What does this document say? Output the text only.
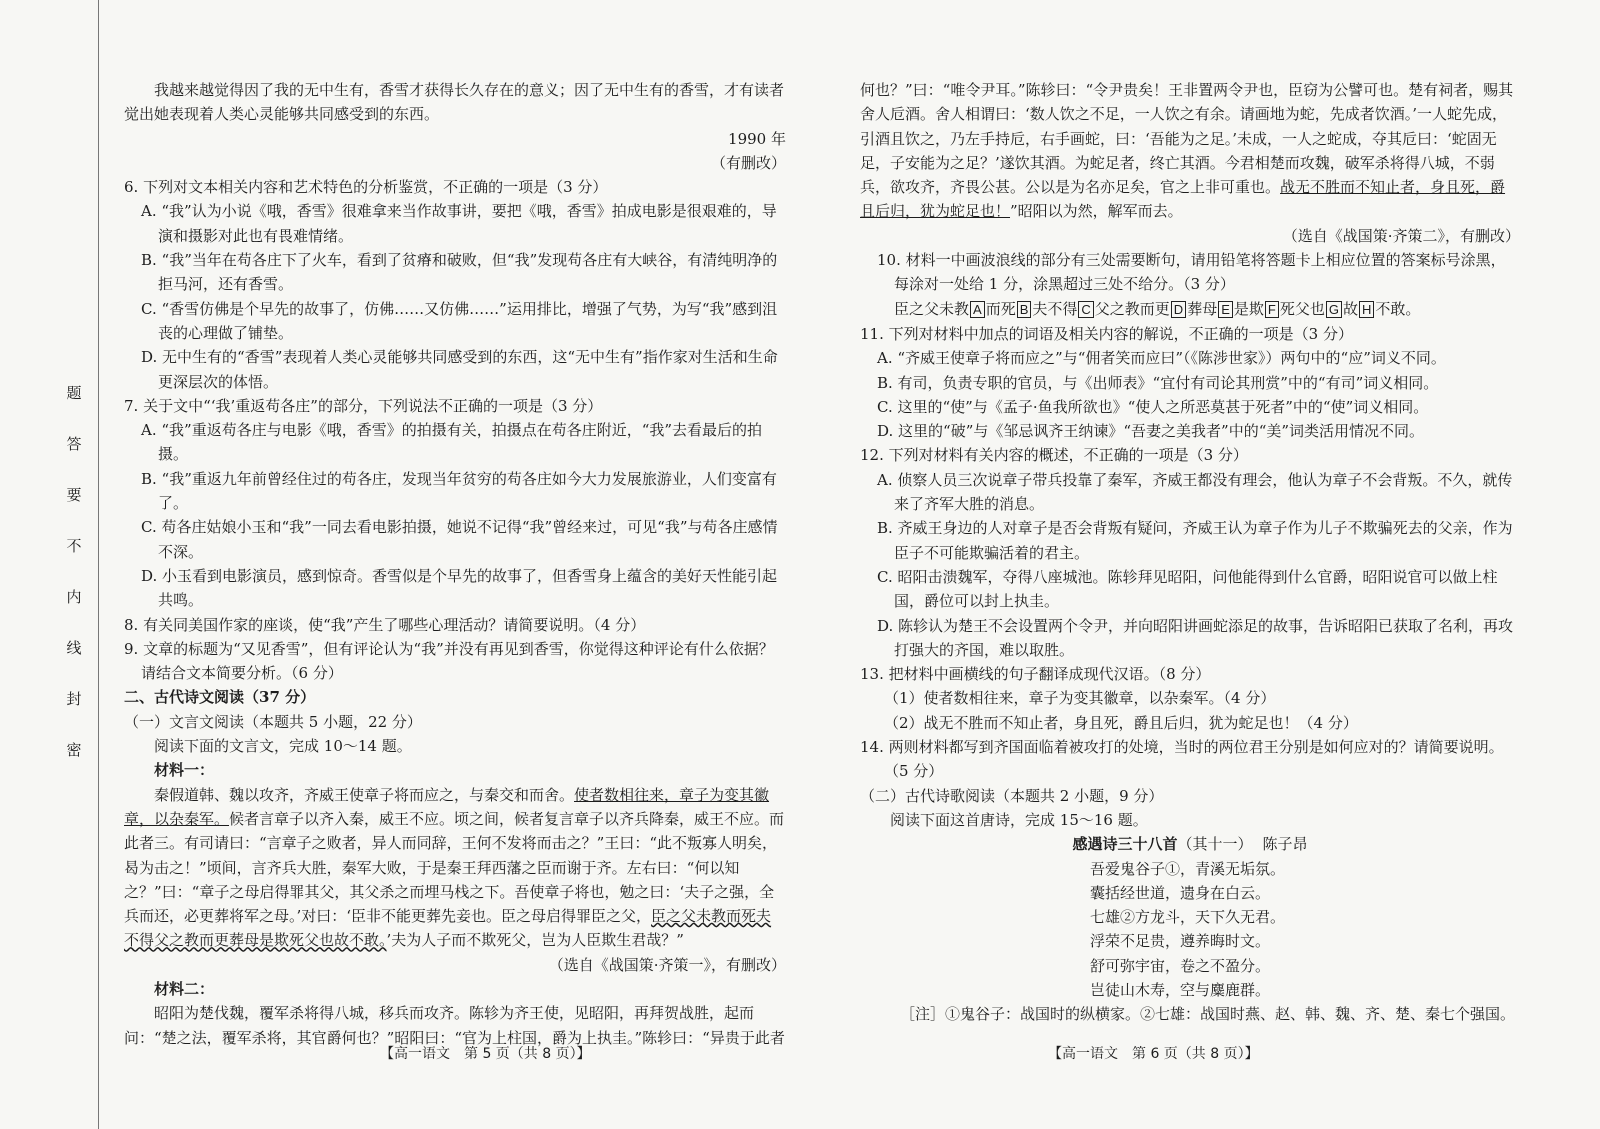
题
答
要
不
内
线
封
密

我越来越觉得因了我的无中生有，香雪才获得长久存在的意义；因了无中生有的香雪，才有读者觉出她表现着人类心灵能够共同感受到的东西。

1990 年

（有删改）

6. 下列对文本相关内容和艺术特色的分析鉴赏，不正确的一项是（3 分）

A. “我”认为小说《哦，香雪》很难拿来当作故事讲，要把《哦，香雪》拍成电影是很艰难的，导演和摄影对此也有畏难情绪。

B. “我”当年在苟各庄下了火车，看到了贫瘠和破败，但“我”发现苟各庄有大峡谷，有清纯明净的拒马河，还有香雪。

C. “香雪仿佛是个早先的故事了，仿佛……又仿佛……”运用排比，增强了气势，为写“我”感到沮丧的心理做了铺垫。

D. 无中生有的“香雪”表现着人类心灵能够共同感受到的东西，这“无中生有”指作家对生活和生命更深层次的体悟。

7. 关于文中“‘我’重返苟各庄”的部分，下列说法不正确的一项是（3 分）

A. “我”重返苟各庄与电影《哦，香雪》的拍摄有关，拍摄点在苟各庄附近，“我”去看最后的拍摄。

B. “我”重返九年前曾经住过的苟各庄，发现当年贫穷的苟各庄如今大力发展旅游业，人们变富有了。

C. 苟各庄姑娘小玉和“我”一同去看电影拍摄，她说不记得“我”曾经来过，可见“我”与苟各庄感情不深。

D. 小玉看到电影演员，感到惊奇。香雪似是个早先的故事了，但香雪身上蕴含的美好天性能引起共鸣。

8. 有关同美国作家的座谈，使“我”产生了哪些心理活动？请简要说明。（4 分）

9. 文章的标题为“又见香雪”，但有评论认为“我”并没有再见到香雪，你觉得这种评论有什么依据？请结合文本简要分析。（6 分）

二、古代诗文阅读（37 分）

（一）文言文阅读（本题共 5 小题，22 分）

阅读下面的文言文，完成 10～14 题。

材料一：

秦假道韩、魏以攻齐，齐威王使章子将而应之，与秦交和而舍。使者数相往来，章子为变其徽章，以杂秦军。候者言章子以齐入秦，威王不应。顷之间，候者复言章子以齐兵降秦，威王不应。而此者三。有司请曰：“言章子之败者，异人而同辞，王何不发将而击之？”王曰：“此不叛寡人明矣，曷为击之！”顷间，言齐兵大胜，秦军大败，于是秦王拜西藩之臣而谢于齐。左右曰：“何以知之？”曰：“章子之母启得罪其父，其父杀之而埋马栈之下。吾使章子将也，勉之曰：‘夫子之强，全兵而还，必更葬将军之母。’对曰：‘臣非不能更葬先妾也。臣之母启得罪臣之父，臣之父未教而死夫不得父之教而更葬母是欺死父也故不敢。’夫为人子而不欺死父，岂为人臣欺生君哉？”

（选自《战国策·齐策一》，有删改）

材料二：

昭阳为楚伐魏，覆军杀将得八城，移兵而攻齐。陈轸为齐王使，见昭阳，再拜贺战胜，起而问：“楚之法，覆军杀将，其官爵何也？”昭阳曰：“官为上柱国，爵为上执圭。”陈轸曰：“异贵于此者

何也？”曰：“唯令尹耳。”陈轸曰：“令尹贵矣！王非置两令尹也，臣窃为公譬可也。楚有祠者，赐其舍人卮酒。舍人相谓曰：‘数人饮之不足，一人饮之有余。请画地为蛇，先成者饮酒。’一人蛇先成，引酒且饮之，乃左手持卮，右手画蛇，曰：‘吾能为之足。’未成，一人之蛇成，夺其卮曰：‘蛇固无足，子安能为之足？’遂饮其酒。为蛇足者，终亡其酒。今君相楚而攻魏，破军杀将得八城，不弱兵，欲攻齐，齐畏公甚。公以是为名亦足矣，官之上非可重也。战无不胜而不知止者，身且死，爵且后归，犹为蛇足也！”昭阳以为然，解军而去。

（选自《战国策·齐策二》，有删改）

10. 材料一中画波浪线的部分有三处需要断句，请用铅笔将答题卡上相应位置的答案标号涂黑，每涂对一处给 1 分，涂黑超过三处不给分。（3 分）

臣之父未教 A 而死 B 夫不得 C 父之教而更 D 葬母 E 是欺 F 死父也 G 故 H 不敢。

11. 下列对材料中加点的词语及相关内容的解说，不正确的一项是（3 分）

A. “齐威王使章子将而应之”与“佣者笑而应曰”（《陈涉世家》）两句中的“应”词义不同。

B. 有司，负责专职的官员，与《出师表》“宜付有司论其刑赏”中的“有司”词义相同。

C. 这里的“使”与《孟子·鱼我所欲也》“使人之所恶莫甚于死者”中的“使”词义相同。

D. 这里的“破”与《邹忌讽齐王纳谏》“吾妻之美我者”中的“美”词类活用情况不同。

12. 下列对材料有关内容的概述，不正确的一项是（3 分）

A. 侦察人员三次说章子带兵投靠了秦军，齐威王都没有理会，他认为章子不会背叛。不久，就传来了齐军大胜的消息。

B. 齐威王身边的人对章子是否会背叛有疑问，齐威王认为章子作为儿子不欺骗死去的父亲，作为臣子不可能欺骗活着的君主。

C. 昭阳击溃魏军，夺得八座城池。陈轸拜见昭阳，问他能得到什么官爵，昭阳说官可以做上柱国，爵位可以封上执圭。

D. 陈轸认为楚王不会设置两个令尹，并向昭阳讲画蛇添足的故事，告诉昭阳已获取了名利，再攻打强大的齐国，难以取胜。

13. 把材料中画横线的句子翻译成现代汉语。（8 分）

（1）使者数相往来，章子为变其徽章，以杂秦军。（4 分）

（2）战无不胜而不知止者，身且死，爵且后归，犹为蛇足也！（4 分）

14. 两则材料都写到齐国面临着被攻打的处境，当时的两位君王分别是如何应对的？请简要说明。（5 分）

（二）古代诗歌阅读（本题共 2 小题，9 分）

阅读下面这首唐诗，完成 15～16 题。

感遇诗三十八首（其十一） 陈子昂

吾爱鬼谷子①，青溪无垢氛。

囊括经世道，遗身在白云。

七雄②方龙斗，天下久无君。

浮荣不足贵，遵养晦时文。

舒可弥宇宙，卷之不盈分。

岂徒山木寿，空与麋鹿群。

［注］①鬼谷子：战国时的纵横家。②七雄：战国时燕、赵、韩、魏、齐、楚、秦七个强国。

【高一语文　第 5 页（共 8 页）】	【高一语文　第 6 页（共 8 页）】
